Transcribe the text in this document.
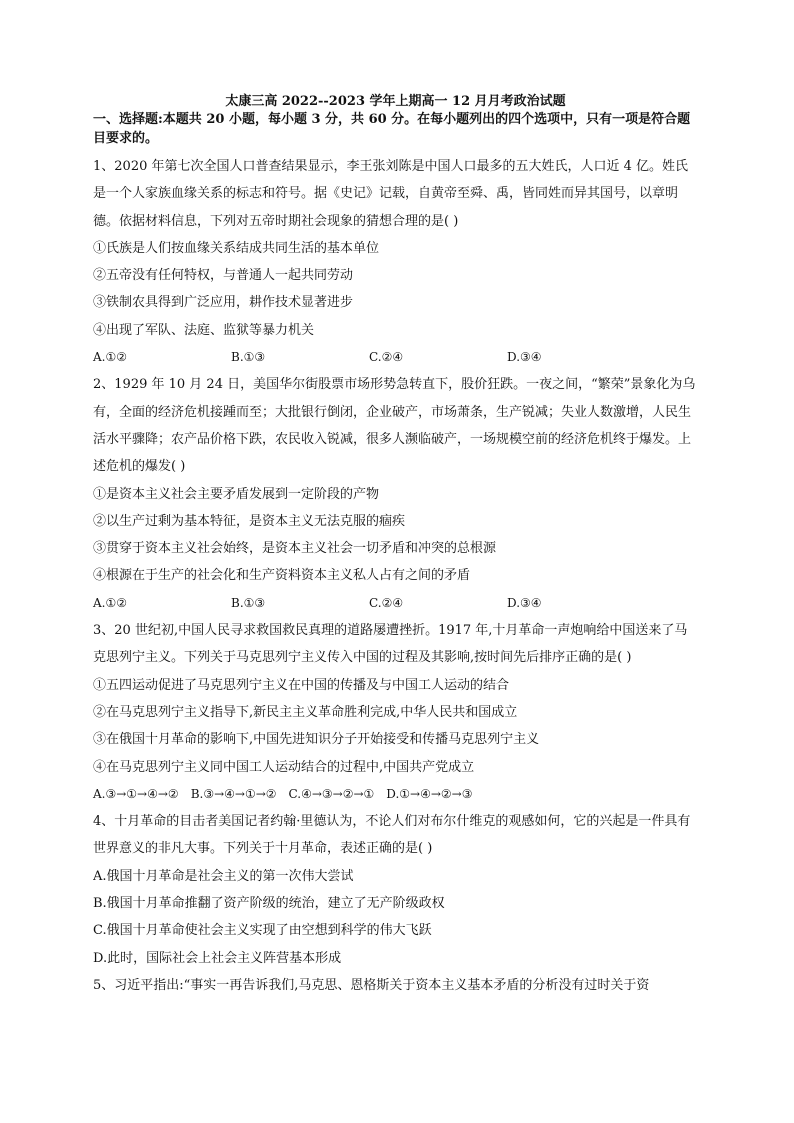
太康三高 2022--2023 学年上期高一 12 月月考政治试题

一、选择题:本题共 20 小题，每小题 3 分，共 60 分。在每小题列出的四个选项中，只有一项是符合题目要求的。

1、2020 年第七次全国人口普查结果显示，李王张刘陈是中国人口最多的五大姓氏，人口近 4 亿。姓氏是一个人家族血缘关系的标志和符号。据《史记》记载，自黄帝至舜、禹，皆同姓而异其国号，以章明德。依据材料信息，下列对五帝时期社会现象的猜想合理的是( )

①氏族是人们按血缘关系结成共同生活的基本单位

②五帝没有任何特权，与普通人一起共同劳动

③铁制农具得到广泛应用，耕作技术显著进步

④出现了军队、法庭、监狱等暴力机关

A.①②	B.①③	C.②④	D.③④

2、1929 年 10 月 24 日，美国华尔街股票市场形势急转直下，股价狂跌。一夜之间，“繁荣”景象化为乌有，全面的经济危机接踵而至；大批银行倒闭，企业破产，市场萧条，生产锐减；失业人数激增，人民生活水平骤降；农产品价格下跌，农民收入锐减，很多人濒临破产，一场规模空前的经济危机终于爆发。上述危机的爆发( )

①是资本主义社会主要矛盾发展到一定阶段的产物

②以生产过剩为基本特征，是资本主义无法克服的痼疾

③贯穿于资本主义社会始终，是资本主义社会一切矛盾和冲突的总根源

④根源在于生产的社会化和生产资料资本主义私人占有之间的矛盾

A.①②	B.①③	C.②④	D.③④

3、20 世纪初,中国人民寻求救国救民真理的道路屡遭挫折。1917 年,十月革命一声炮响给中国送来了马克思列宁主义。下列关于马克思列宁主义传入中国的过程及其影响,按时间先后排序正确的是( )

①五四运动促进了马克思列宁主义在中国的传播及与中国工人运动的结合

②在马克思列宁主义指导下,新民主主义革命胜利完成,中华人民共和国成立

③在俄国十月革命的影响下,中国先进知识分子开始接受和传播马克思列宁主义

④在马克思列宁主义同中国工人运动结合的过程中,中国共产党成立

A.③→①→④→② B.③→④→①→② C.④→③→②→① D.①→④→②→③

4、十月革命的目击者美国记者约翰·里德认为，不论人们对布尔什维克的观感如何，它的兴起是一件具有世界意义的非凡大事。下列关于十月革命，表述正确的是( )

A.俄国十月革命是社会主义的第一次伟大尝试

B.俄国十月革命推翻了资产阶级的统治，建立了无产阶级政权

C.俄国十月革命使社会主义实现了由空想到科学的伟大飞跃

D.此时，国际社会上社会主义阵营基本形成

5、习近平指出:“事实一再告诉我们,马克思、恩格斯关于资本主义基本矛盾的分析没有过时关于资
